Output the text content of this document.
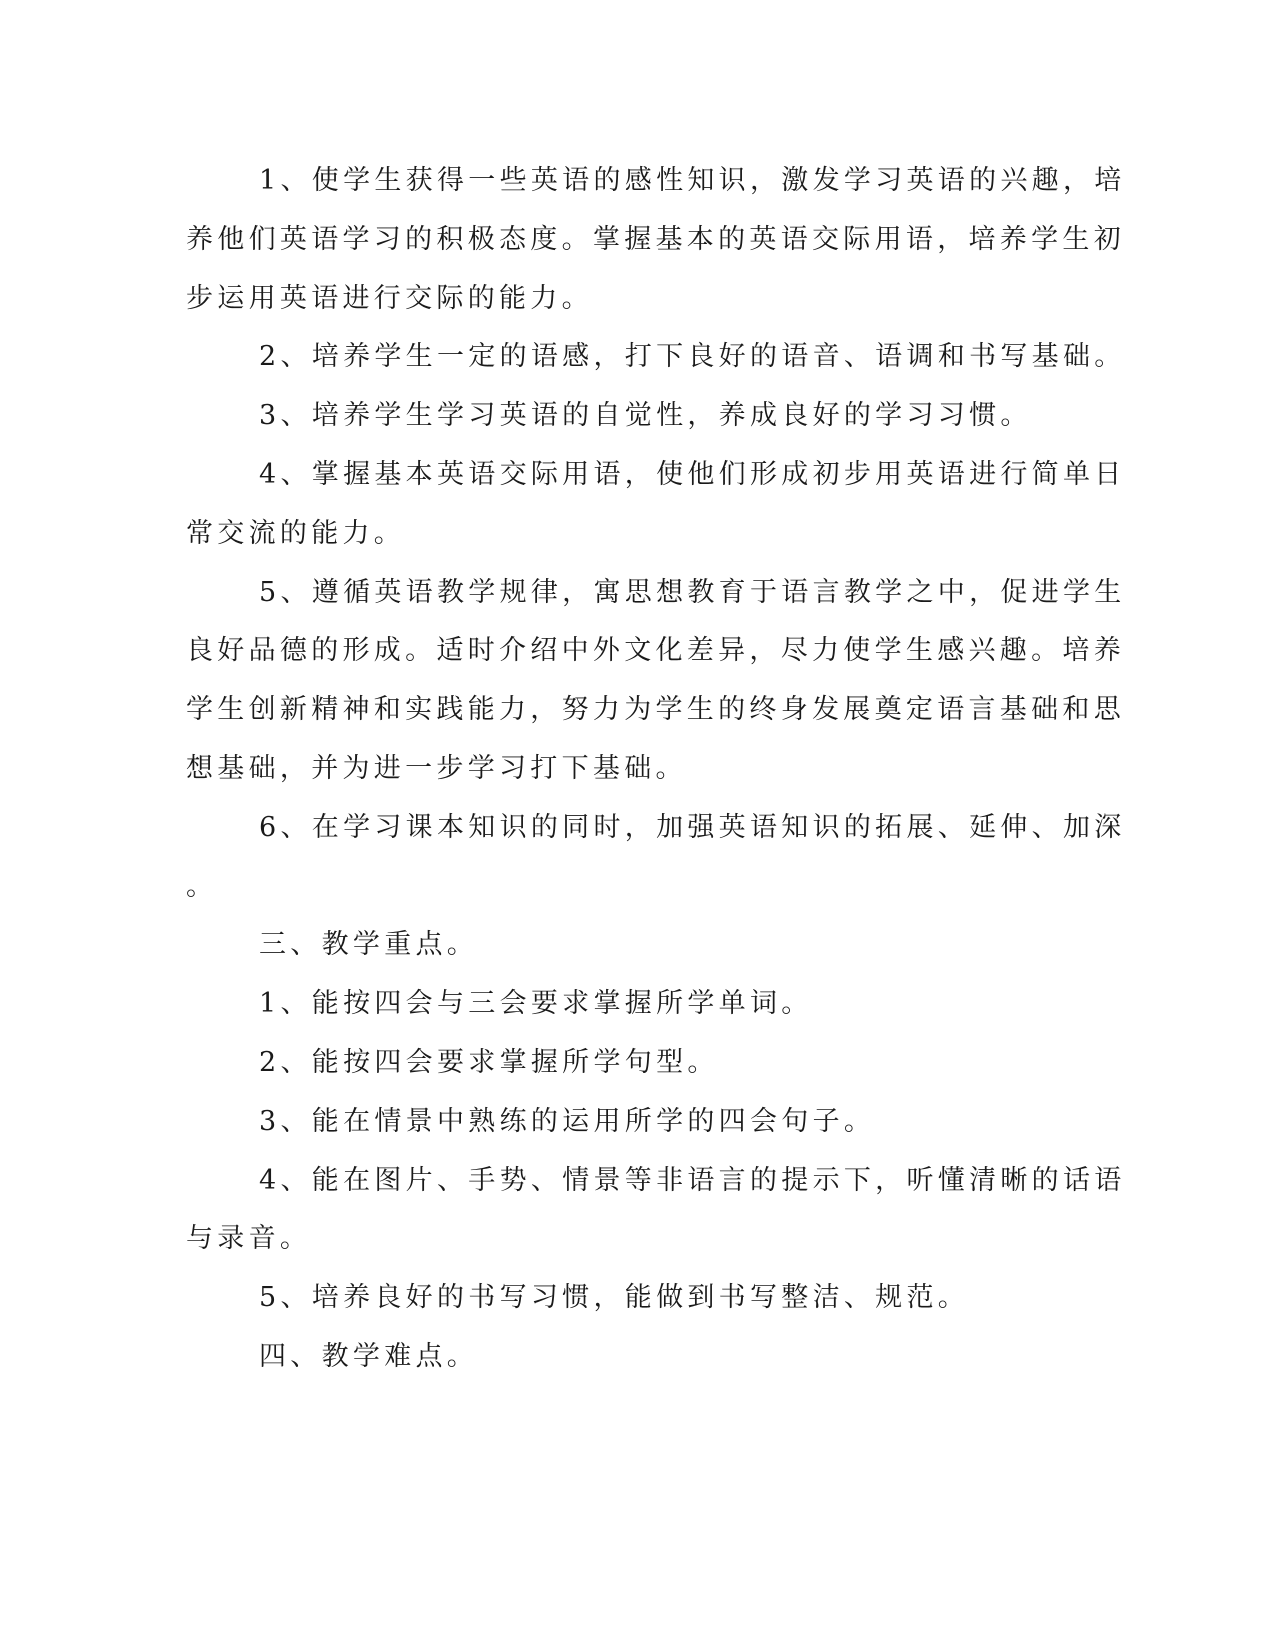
1、使学生获得一些英语的感性知识，激发学习英语的兴趣，培

养他们英语学习的积极态度。掌握基本的英语交际用语，培养学生初

步运用英语进行交际的能力。

2、培养学生一定的语感，打下良好的语音、语调和书写基础。

3、培养学生学习英语的自觉性，养成良好的学习习惯。

4、掌握基本英语交际用语，使他们形成初步用英语进行简单日

常交流的能力。

5、遵循英语教学规律，寓思想教育于语言教学之中，促进学生

良好品德的形成。适时介绍中外文化差异，尽力使学生感兴趣。培养

学生创新精神和实践能力，努力为学生的终身发展奠定语言基础和思

想基础，并为进一步学习打下基础。

6、在学习课本知识的同时，加强英语知识的拓展、延伸、加深

。

三、教学重点。

1、能按四会与三会要求掌握所学单词。

2、能按四会要求掌握所学句型。

3、能在情景中熟练的运用所学的四会句子。

4、能在图片、手势、情景等非语言的提示下，听懂清晰的话语

与录音。

5、培养良好的书写习惯，能做到书写整洁、规范。

四、教学难点。
